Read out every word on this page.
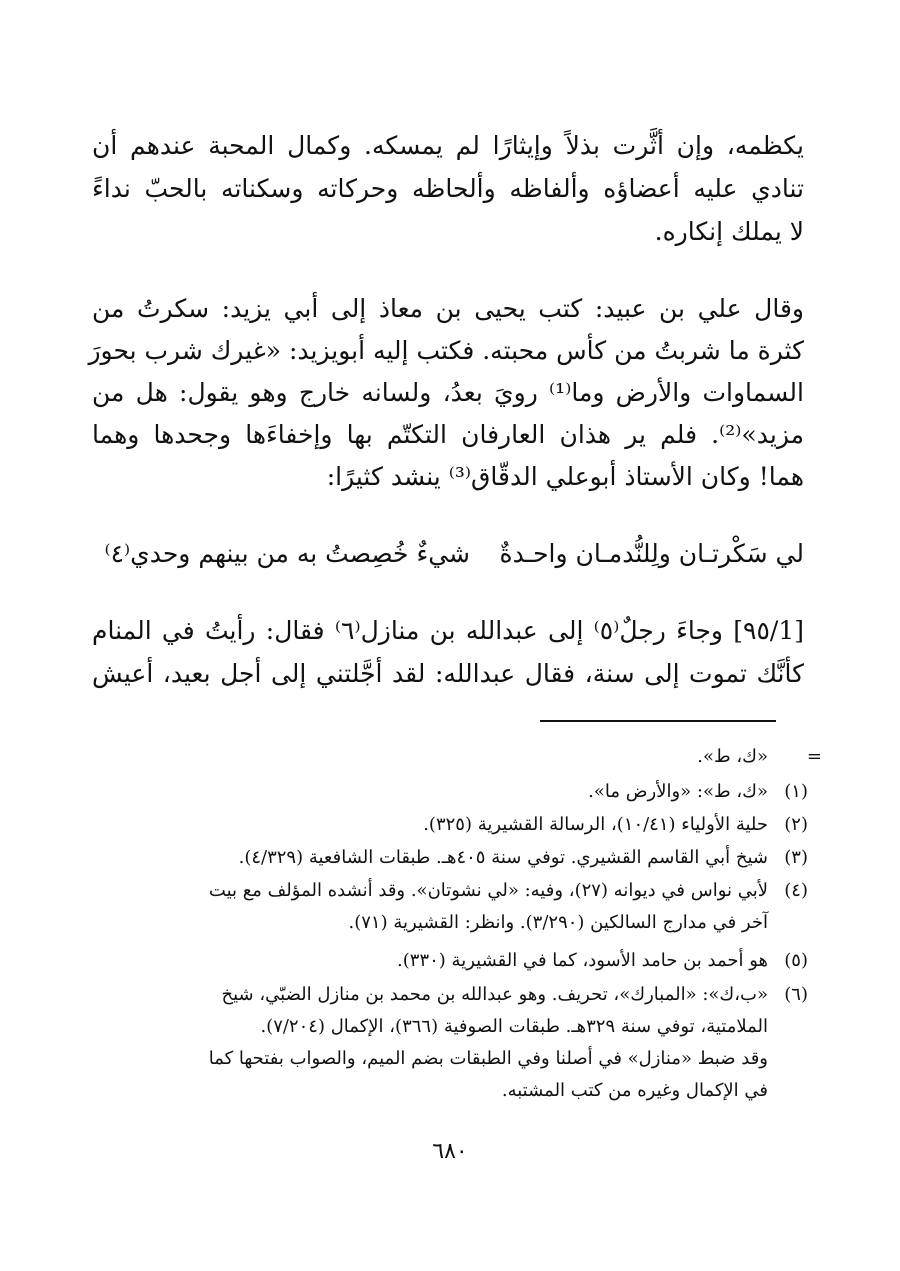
يكظمه، وإن أثَّرت بذلاً وإيثارًا لم يمسكه. وكمال المحبة عندهم أن

تنادي عليه أعضاؤه وألفاظه وألحاظه وحركاته وسكناته بالحبّ نداءً

لا يملك إنكاره.

وقال علي بن عبيد: كتب يحيى بن معاذ إلى أبي يزيد: سكرتُ من

كثرة ما شربتُ من كأس محبته. فكتب إليه أبويزيد: «غيرك شرب بحورَ

السماوات والأرض وما⁽¹⁾ رويَ بعدُ، ولسانه خارج وهو يقول: هل من

مزيد»⁽²⁾. فلم ير هذان العارفان التكتّم بها وإخفاءَها وجحدها وهما

هما! وكان الأستاذ أبوعلي الدقّاق⁽³⁾ ينشد كثيرًا:

لي سَكْرتـان ولِلنُّدمـان واحـدةٌ

شيءٌ خُصِصتُ به من بينهم وحدي⁽٤⁾

[1/٩٥] وجاءَ رجلٌ⁽٥⁾ إلى عبدالله بن منازل⁽٦⁾ فقال: رأيتُ في المنام

كأنَّك تموت إلى سنة، فقال عبدالله: لقد أجَّلتني إلى أجل بعيد، أعيش

=
«ك، ط».
(١)
«ك، ط»: «والأرض ما».
(٢)
حلية الأولياء (١٠/٤١)، الرسالة القشيرية (٣٢٥).
(٣)
شيخ أبي القاسم القشيري. توفي سنة ٤٠٥هـ. طبقات الشافعية (٤/٣٢٩).
(٤)
لأبي نواس في ديوانه (٢٧)، وفيه: «لي نشوتان». وقد أنشده المؤلف مع بيت
آخر في مدارج السالكين (٣/٢٩٠). وانظر: القشيرية (٧١).
(٥)
هو أحمد بن حامد الأسود، كما في القشيرية (٣٣٠).
(٦)
«ب،ك»: «المبارك»، تحريف. وهو عبدالله بن محمد بن منازل الضبّي، شيخ
الملامتية، توفي سنة ٣٢٩هـ. طبقات الصوفية (٣٦٦)، الإكمال (٧/٢٠٤).
وقد ضبط «منازل» في أصلنا وفي الطبقات بضم الميم، والصواب بفتحها كما
في الإكمال وغيره من كتب المشتبه.
٦٨٠
